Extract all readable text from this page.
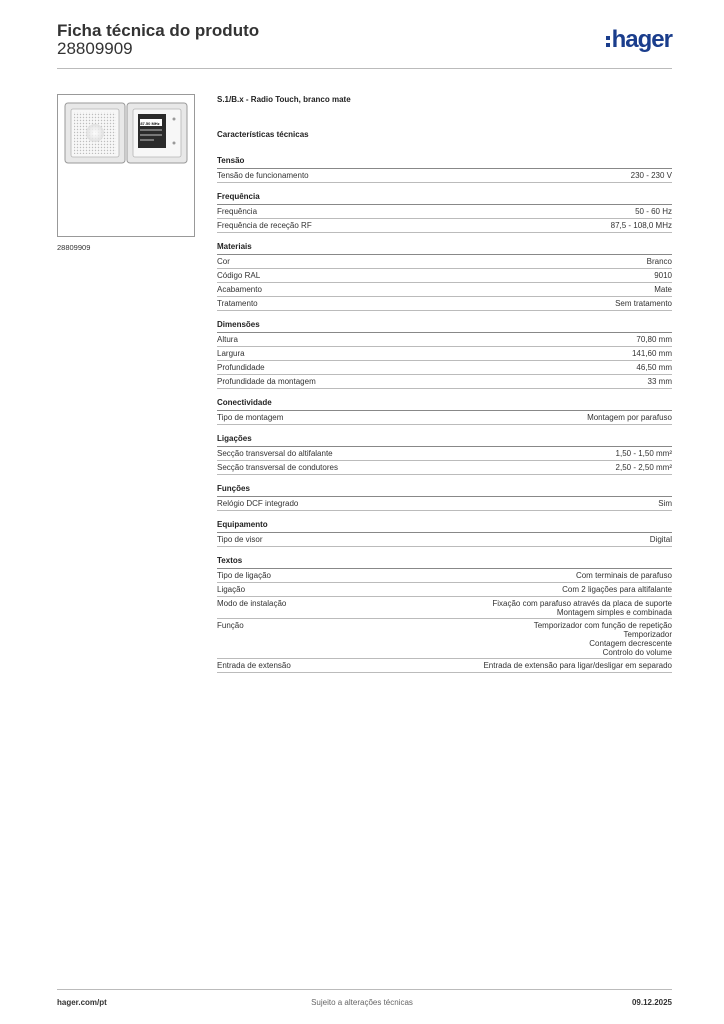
Ficha técnica do produto
28809909	hager
87.50 MHz
28809909
S.1/B.x - Radio Touch, branco mate
Características técnicas
Tensão
Tensão de funcionamento	230 - 230 V
Frequência
Frequência	50 - 60 Hz
Frequência de receção RF	87,5 - 108,0 MHz
Materiais
Cor	Branco
Código RAL	9010
Acabamento	Mate
Tratamento	Sem tratamento
Dimensões
Altura	70,80 mm
Largura	141,60 mm
Profundidade	46,50 mm
Profundidade da montagem	33 mm
Conectividade
Tipo de montagem	Montagem por parafuso
Ligações
Secção transversal do altifalante	1,50 - 1,50 mm²
Secção transversal de condutores	2,50 - 2,50 mm²
Funções
Relógio DCF integrado	Sim
Equipamento
Tipo de visor	Digital
Textos
Tipo de ligação	Com terminais de parafuso
Ligação	Com 2 ligações para altifalante
Modo de instalação	Fixação com parafuso através da placa de suporte
Montagem simples e combinada
Função	Temporizador com função de repetição
Temporizador
Contagem decrescente
Controlo do volume
Entrada de extensão	Entrada de extensão para ligar/desligar em separado
hager.com/pt	Sujeito a alterações técnicas	09.12.2025
